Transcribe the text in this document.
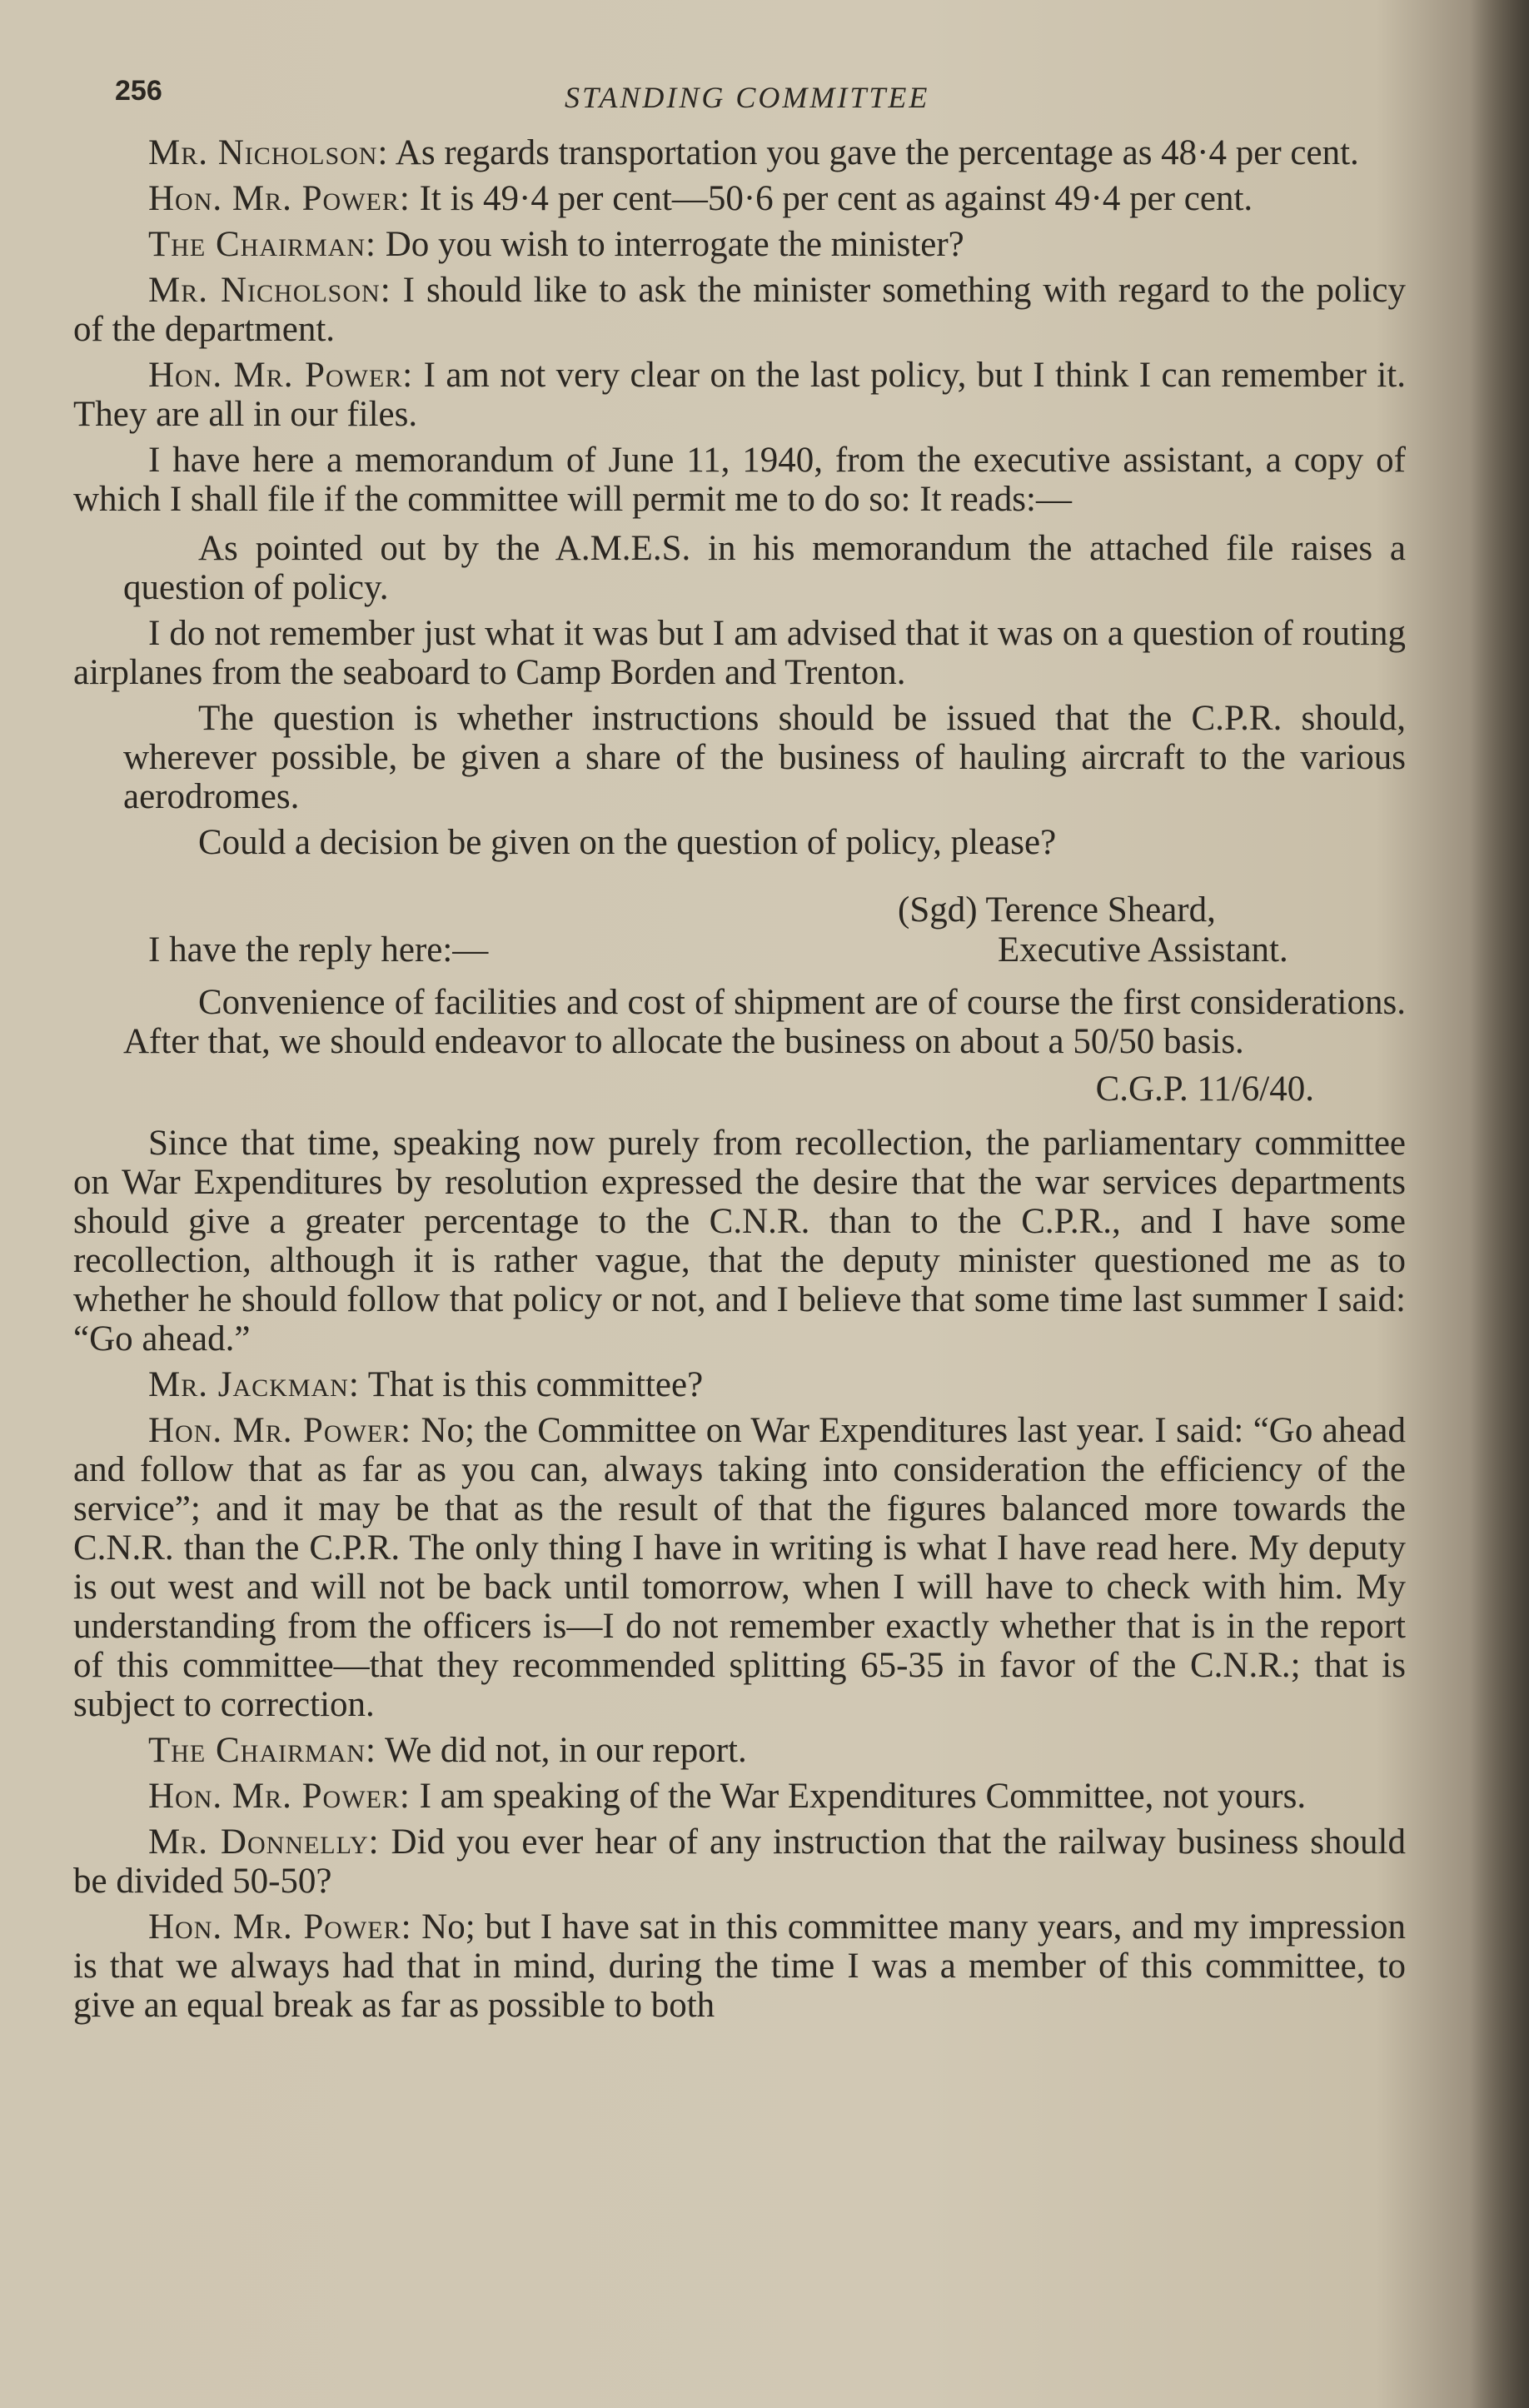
256	STANDING COMMITTEE

Mr. Nicholson: As regards transportation you gave the percentage as 48·4 per cent.

Hon. Mr. Power: It is 49·4 per cent—50·6 per cent as against 49·4 per cent.

The Chairman: Do you wish to interrogate the minister?

Mr. Nicholson: I should like to ask the minister something with regard to the policy of the department.

Hon. Mr. Power: I am not very clear on the last policy, but I think I can remember it. They are all in our files.

I have here a memorandum of June 11, 1940, from the executive assistant, a copy of which I shall file if the committee will permit me to do so: It reads:—

As pointed out by the A.M.E.S. in his memorandum the attached file raises a question of policy.

I do not remember just what it was but I am advised that it was on a question of routing airplanes from the seaboard to Camp Borden and Trenton.

The question is whether instructions should be issued that the C.P.R. should, wherever possible, be given a share of the business of hauling aircraft to the various aerodromes.

Could a decision be given on the question of policy, please?

(Sgd) Terence Sheard,
Executive Assistant.

I have the reply here:—

Convenience of facilities and cost of shipment are of course the first considerations. After that, we should endeavor to allocate the business on about a 50/50 basis.

C.G.P. 11/6/40.

Since that time, speaking now purely from recollection, the parliamentary committee on War Expenditures by resolution expressed the desire that the war services departments should give a greater percentage to the C.N.R. than to the C.P.R., and I have some recollection, although it is rather vague, that the deputy minister questioned me as to whether he should follow that policy or not, and I believe that some time last summer I said: “Go ahead.”

Mr. Jackman: That is this committee?

Hon. Mr. Power: No; the Committee on War Expenditures last year. I said: “Go ahead and follow that as far as you can, always taking into consideration the efficiency of the service”; and it may be that as the result of that the figures balanced more towards the C.N.R. than the C.P.R. The only thing I have in writing is what I have read here. My deputy is out west and will not be back until tomorrow, when I will have to check with him. My understanding from the officers is—I do not remember exactly whether that is in the report of this committee—that they recommended splitting 65-35 in favor of the C.N.R.; that is subject to correction.

The Chairman: We did not, in our report.

Hon. Mr. Power: I am speaking of the War Expenditures Committee, not yours.

Mr. Donnelly: Did you ever hear of any instruction that the railway business should be divided 50-50?

Hon. Mr. Power: No; but I have sat in this committee many years, and my impression is that we always had that in mind, during the time I was a member of this committee, to give an equal break as far as possible to both
